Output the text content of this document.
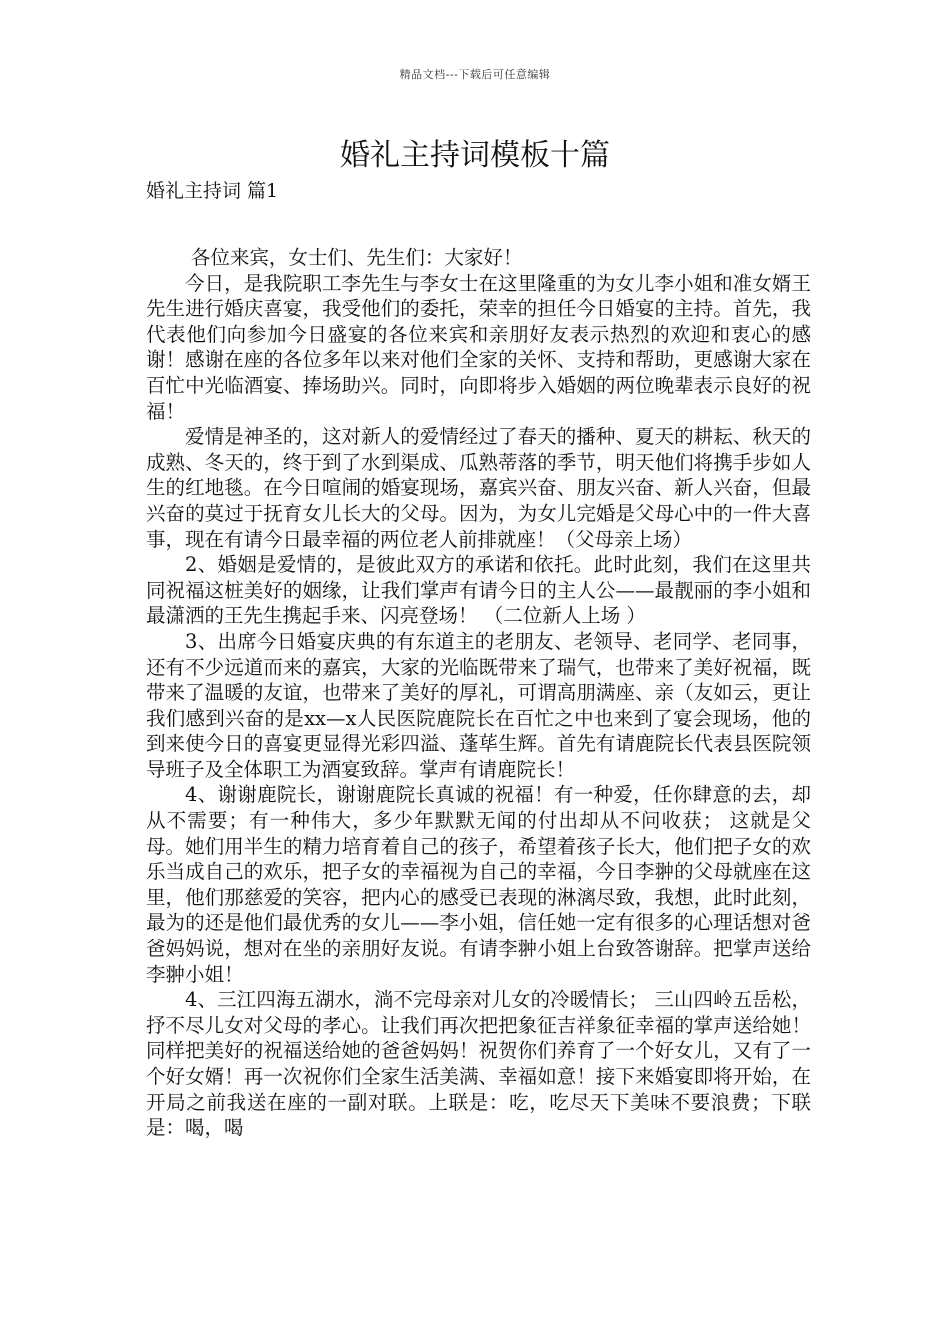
精品文档---下载后可任意编辑
婚礼主持词模板十篇
婚礼主持词 篇1

各位来宾，女士们、先生们：大家好！

今日，是我院职工李先生与李女士在这里隆重的为女儿李小姐和准女婿王先生进行婚庆喜宴，我受他们的委托，荣幸的担任今日婚宴的主持。首先，我代表他们向参加今日盛宴的各位来宾和亲朋好友表示热烈的欢迎和衷心的感谢！感谢在座的各位多年以来对他们全家的关怀、支持和帮助，更感谢大家在百忙中光临酒宴、捧场助兴。同时，向即将步入婚姻的两位晚辈表示良好的祝福！

爱情是神圣的，这对新人的爱情经过了春天的播种、夏天的耕耘、秋天的成熟、冬天的，终于到了水到渠成、瓜熟蒂落的季节，明天他们将携手步如人生的红地毯。在今日喧闹的婚宴现场，嘉宾兴奋、朋友兴奋、新人兴奋，但最兴奋的莫过于抚育女儿长大的父母。因为，为女儿完婚是父母心中的一件大喜事，现在有请今日最幸福的两位老人前排就座！（父母亲上场）

2、婚姻是爱情的，是彼此双方的承诺和依托。此时此刻，我们在这里共同祝福这桩美好的姻缘，让我们掌声有请今日的主人公——最靓丽的李小姐和最潇洒的王先生携起手来、闪亮登场！ （二位新人上场 ）

3、出席今日婚宴庆典的有东道主的老朋友、老领导、老同学、老同事，还有不少远道而来的嘉宾，大家的光临既带来了瑞气，也带来了美好祝福，既带来了温暖的友谊，也带来了美好的厚礼，可谓高朋满座、亲（友如云，更让我们感到兴奋的是xx—x人民医院鹿院长在百忙之中也来到了宴会现场，他的到来使今日的喜宴更显得光彩四溢、蓬荜生辉。首先有请鹿院长代表县医院领导班子及全体职工为酒宴致辞。掌声有请鹿院长！

4、谢谢鹿院长，谢谢鹿院长真诚的祝福！有一种爱，任你肆意的去，却从不需要；有一种伟大，多少年默默无闻的付出却从不问收获； 这就是父母。她们用半生的精力培育着自己的孩子，希望着孩子长大，他们把子女的欢乐当成自己的欢乐，把子女的幸福视为自己的幸福，今日李翀的父母就座在这里，他们那慈爱的笑容，把内心的感受已表现的淋漓尽致，我想，此时此刻，最为的还是他们最优秀的女儿——李小姐，信任她一定有很多的心理话想对爸爸妈妈说，想对在坐的亲朋好友说。有请李翀小姐上台致答谢辞。把掌声送给李翀小姐！

4、三江四海五湖水，淌不完母亲对儿女的冷暖情长； 三山四岭五岳松，抒不尽儿女对父母的孝心。让我们再次把把象征吉祥象征幸福的掌声送给她！同样把美好的祝福送给她的爸爸妈妈！祝贺你们养育了一个好女儿，又有了一个好女婿！再一次祝你们全家生活美满、幸福如意！接下来婚宴即将开始，在开局之前我送在座的一副对联。上联是：吃，吃尽天下美味不要浪费；下联是：喝，喝
